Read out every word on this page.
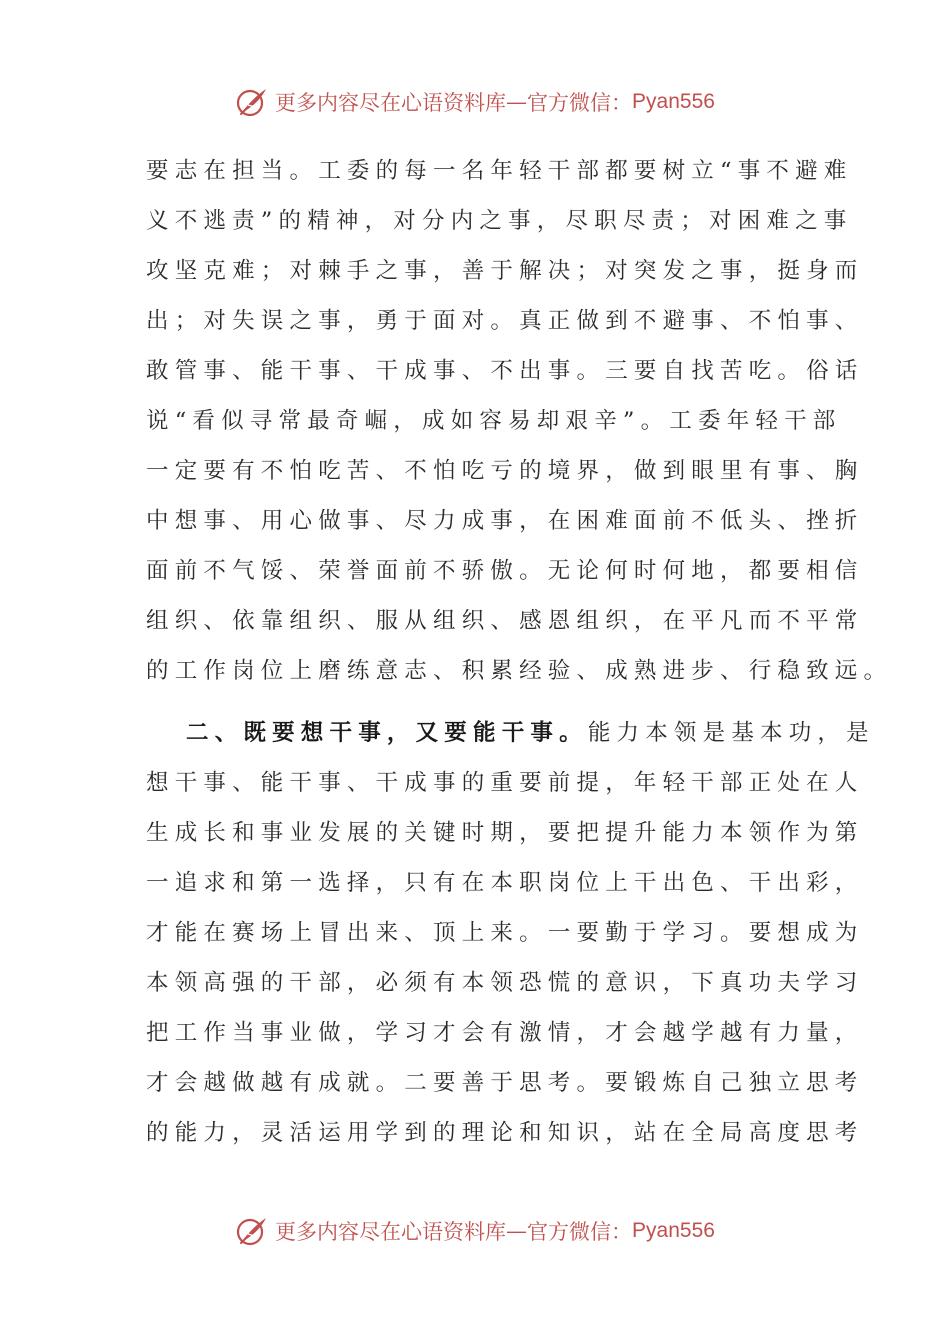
更多内容尽在心语资料库 — 官方微信： Pyan556
要志在担当。工委的每一名年轻干部都要树立“事不避难
义不逃责”的精神，对分内之事，尽职尽责；对困难之事
攻坚克难；对棘手之事，善于解决；对突发之事，挺身而
出；对失误之事，勇于面对。真正做到不避事、不怕事、
敢管事、能干事、干成事、不出事。三要自找苦吃。俗话
说“看似寻常最奇崛，成如容易却艰辛”。工委年轻干部
一定要有不怕吃苦、不怕吃亏的境界，做到眼里有事、胸
中想事、用心做事、尽力成事，在困难面前不低头、挫折
面前不气馁、荣誉面前不骄傲。无论何时何地，都要相信
组织、依靠组织、服从组织、感恩组织，在平凡而不平常
的工作岗位上磨练意志、积累经验、成熟进步、行稳致远。
二、既要想干事，又要能干事。能力本领是基本功，是
想干事、能干事、干成事的重要前提，年轻干部正处在人
生成长和事业发展的关键时期，要把提升能力本领作为第
一追求和第一选择，只有在本职岗位上干出色、干出彩，
才能在赛场上冒出来、顶上来。一要勤于学习。要想成为
本领高强的干部，必须有本领恐慌的意识，下真功夫学习
把工作当事业做，学习才会有激情，才会越学越有力量，
才会越做越有成就。二要善于思考。要锻炼自己独立思考
的能力，灵活运用学到的理论和知识，站在全局高度思考
更多内容尽在心语资料库 — 官方微信： Pyan556
